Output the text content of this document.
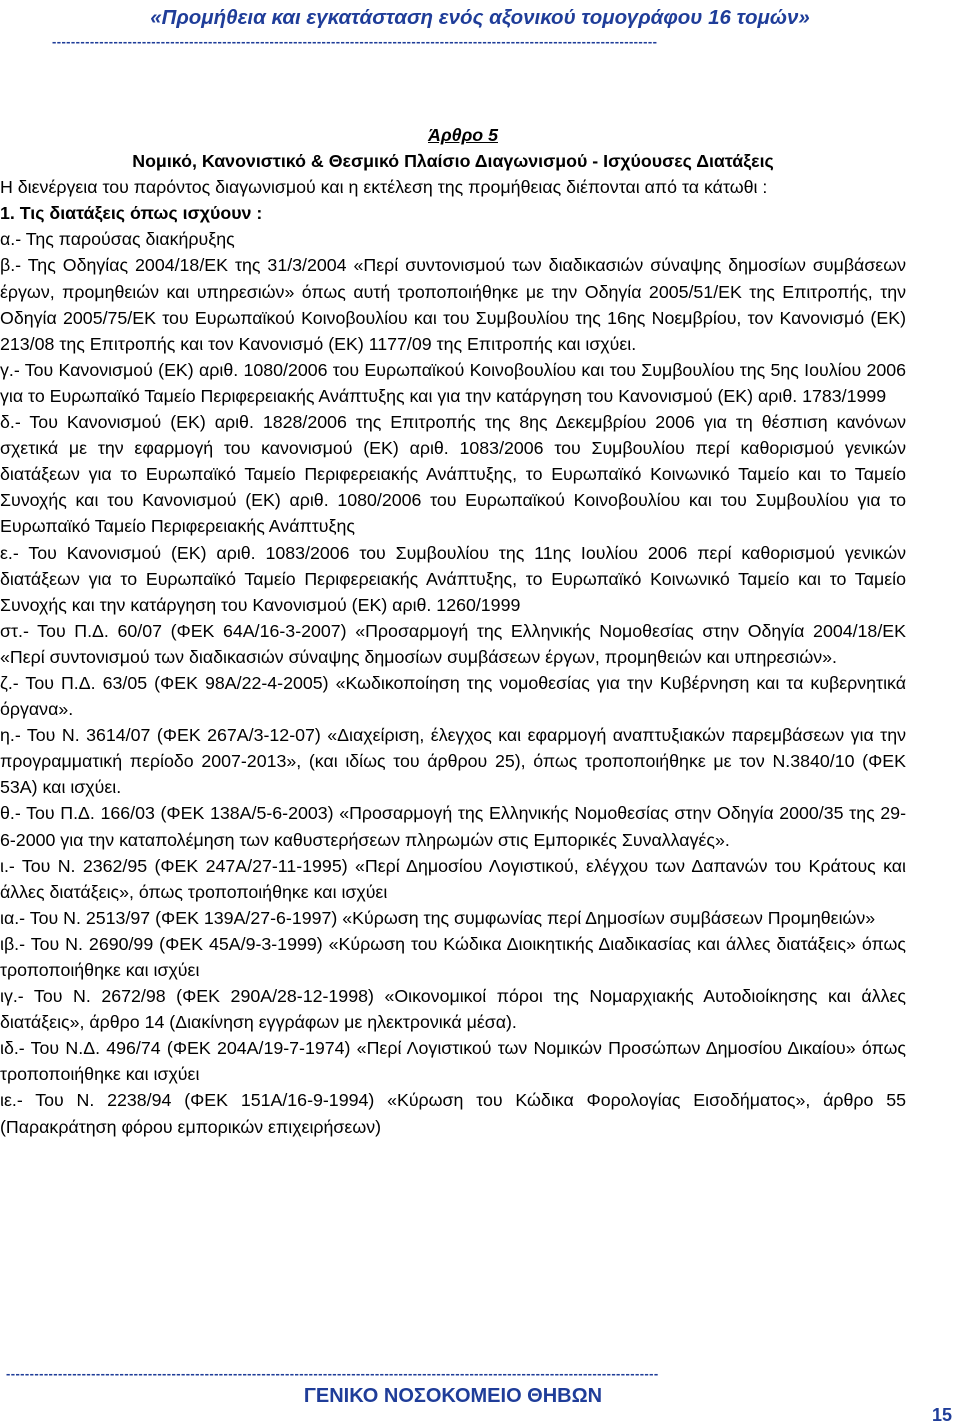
«Προμήθεια και εγκατάσταση ενός αξονικού τομογράφου 16 τομών»
--------------------------------------------------------------------------------------------------------------------------------
Άρθρο 5
Νομικό, Κανονιστικό & Θεσμικό Πλαίσιο Διαγωνισμού - Ισχύουσες Διατάξεις
Η διενέργεια του παρόντος διαγωνισμού και η εκτέλεση της προμήθειας διέπονται από τα κάτωθι :
1. Τις διατάξεις όπως ισχύουν :
α.- Της παρούσας διακήρυξης
β.- Της Οδηγίας 2004/18/ΕΚ της 31/3/2004 «Περί συντονισμού των διαδικασιών σύναψης δημοσίων συμβάσεων έργων, προμηθειών και υπηρεσιών» όπως αυτή τροποποιήθηκε με την Οδηγία 2005/51/ΕΚ της Επιτροπής, την Οδηγία 2005/75/ΕΚ του Ευρωπαϊκού Κοινοβουλίου και του Συμβουλίου της 16ης Νοεμβρίου, τον Κανονισμό (ΕΚ) 213/08 της Επιτροπής και τον Κανονισμό (ΕΚ) 1177/09 της Επιτροπής και ισχύει.
γ.- Του Κανονισμού (ΕΚ) αριθ. 1080/2006 του Ευρωπαϊκού Κοινοβουλίου και του Συμβουλίου της 5ης Ιουλίου 2006 για το Ευρωπαϊκό Ταμείο Περιφερειακής Ανάπτυξης και για την κατάργηση του Κανονισμού (ΕΚ) αριθ. 1783/1999
δ.- Του Κανονισμού (ΕΚ) αριθ. 1828/2006 της Επιτροπής της 8ης Δεκεμβρίου 2006 για τη θέσπιση κανόνων σχετικά με την εφαρμογή του κανονισμού (ΕΚ) αριθ. 1083/2006 του Συμβουλίου περί καθορισμού γενικών διατάξεων για το Ευρωπαϊκό Ταμείο Περιφερειακής Ανάπτυξης, το Ευρωπαϊκό Κοινωνικό Ταμείο και το Ταμείο Συνοχής και του Κανονισμού (ΕΚ) αριθ. 1080/2006 του Ευρωπαϊκού Κοινοβουλίου και του Συμβουλίου για το Ευρωπαϊκό Ταμείο Περιφερειακής Ανάπτυξης
ε.- Του Κανονισμού (ΕΚ) αριθ. 1083/2006 του Συμβουλίου της 11ης Ιουλίου 2006 περί καθορισμού γενικών διατάξεων για το Ευρωπαϊκό Ταμείο Περιφερειακής Ανάπτυξης, το Ευρωπαϊκό Κοινωνικό Ταμείο και το Ταμείο Συνοχής και την κατάργηση του Κανονισμού (ΕΚ) αριθ. 1260/1999
στ.- Του Π.Δ. 60/07 (ΦΕΚ 64Α/16-3-2007) «Προσαρμογή της Ελληνικής Νομοθεσίας στην Οδηγία 2004/18/ΕΚ «Περί συντονισμού των διαδικασιών σύναψης δημοσίων συμβάσεων έργων, προμηθειών και υπηρεσιών».
ζ.- Του Π.Δ. 63/05 (ΦΕΚ 98Α/22-4-2005) «Κωδικοποίηση της νομοθεσίας για την Κυβέρνηση και τα κυβερνητικά όργανα».
η.- Του Ν. 3614/07 (ΦΕΚ 267Α/3-12-07) «Διαχείριση, έλεγχος και εφαρμογή αναπτυξιακών παρεμβάσεων για την προγραμματική περίοδο 2007-2013», (και ιδίως του άρθρου 25), όπως τροποποιήθηκε με τον Ν.3840/10 (ΦΕΚ 53Α) και ισχύει.
θ.- Του Π.Δ. 166/03 (ΦΕΚ 138Α/5-6-2003) «Προσαρμογή της Ελληνικής Νομοθεσίας στην Οδηγία 2000/35 της 29-6-2000 για την καταπολέμηση των καθυστερήσεων πληρωμών στις Εμπορικές Συναλλαγές».
ι.- Του Ν. 2362/95 (ΦΕΚ 247Α/27-11-1995) «Περί Δημοσίου Λογιστικού, ελέγχου των Δαπανών του Κράτους και άλλες διατάξεις», όπως τροποποιήθηκε και ισχύει
ια.- Του Ν. 2513/97 (ΦΕΚ 139Α/27-6-1997) «Κύρωση της συμφωνίας περί Δημοσίων συμβάσεων Προμηθειών»
ιβ.- Του Ν. 2690/99 (ΦΕΚ 45Α/9-3-1999) «Κύρωση του Κώδικα Διοικητικής Διαδικασίας και άλλες διατάξεις» όπως τροποποιήθηκε και ισχύει
ιγ.- Του Ν. 2672/98 (ΦΕΚ 290Α/28-12-1998) «Οικονομικοί πόροι της Νομαρχιακής Αυτοδιοίκησης και άλλες διατάξεις», άρθρο 14 (Διακίνηση εγγράφων με ηλεκτρονικά μέσα).
ιδ.- Του Ν.Δ. 496/74 (ΦΕΚ 204Α/19-7-1974) «Περί Λογιστικού των Νομικών Προσώπων Δημοσίου Δικαίου» όπως τροποποιήθηκε και ισχύει
ιε.- Του Ν. 2238/94 (ΦΕΚ 151Α/16-9-1994) «Κύρωση του Κώδικα Φορολογίας Εισοδήματος», άρθρο 55 (Παρακράτηση φόρου εμπορικών επιχειρήσεων)
------------------------------------------------------------------------------------------------------------------------------------------
ΓΕΝΙΚΟ ΝΟΣΟΚΟΜΕΙΟ ΘΗΒΩΝ
15
